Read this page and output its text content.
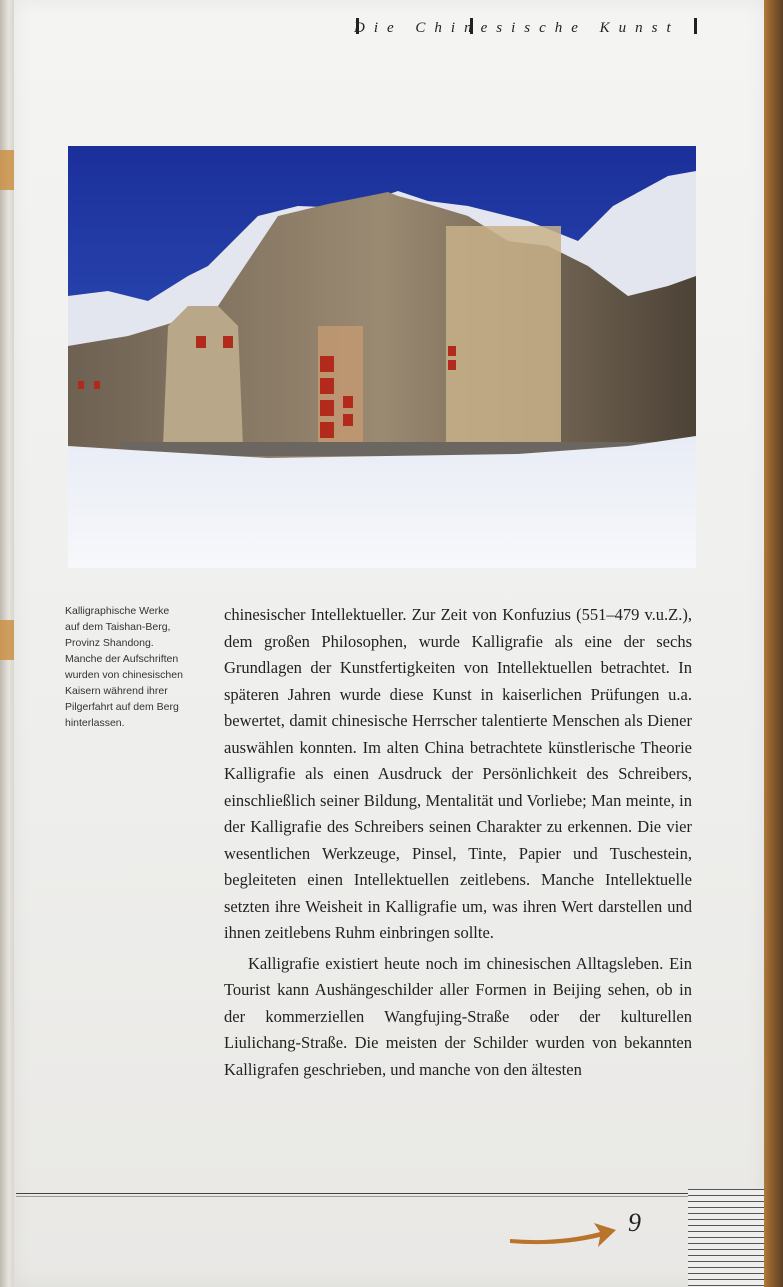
Die Chinesische Kunst
Kalligraphische Werke
auf dem Taishan-Berg,
Provinz Shandong.
Manche der Aufschriften
wurden von chinesischen
Kaisern während ihrer
Pilgerfahrt auf dem Berg
hinterlassen.

chinesischer Intellektueller. Zur Zeit von Konfuzius (551–479 v.u.Z.), dem großen Philosophen, wurde Kalligrafie als eine der sechs Grundlagen der Kunstfertigkeiten von Intellektuellen betrachtet. In späteren Jahren wurde diese Kunst in kaiserlichen Prüfungen u.a. bewertet, damit chinesische Herrscher talentierte Menschen als Diener auswählen konnten. Im alten China betrachtete künstlerische Theorie Kalligrafie als einen Ausdruck der Persönlichkeit des Schreibers, einschließlich seiner Bildung, Mentalität und Vorliebe; Man meinte, in der Kalligrafie des Schreibers seinen Charakter zu erkennen. Die vier wesentlichen Werkzeuge, Pinsel, Tinte, Papier und Tuschestein, begleiteten einen Intellektuellen zeitlebens. Manche Intellektuelle setzten ihre Weisheit in Kalligrafie um, was ihren Wert darstellen und ihnen zeitlebens Ruhm einbringen sollte.

Kalligrafie existiert heute noch im chinesischen Alltagsleben. Ein Tourist kann Aushängeschilder aller Formen in Beijing sehen, ob in der kommerziellen Wangfujing-Straße oder der kulturellen Liulichang-Straße. Die meisten der Schilder wurden von bekannten Kalligrafen geschrieben, und manche von den ältesten

9
